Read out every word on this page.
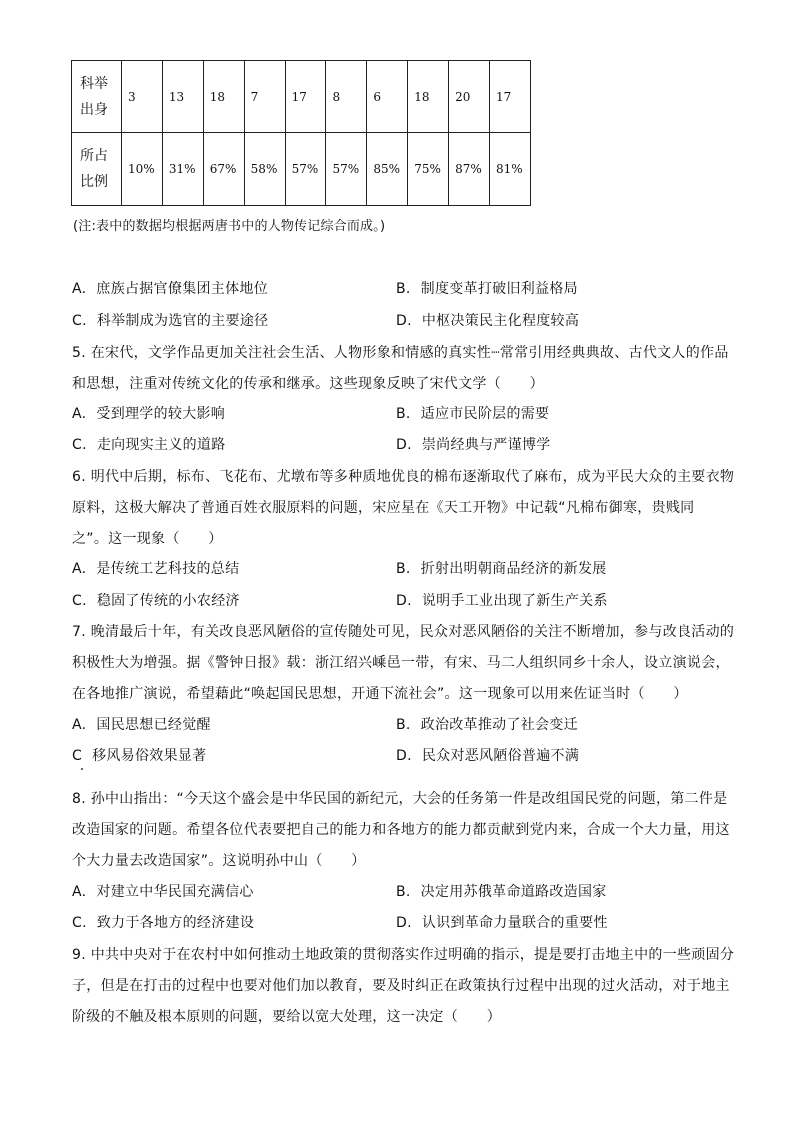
科举
出身	3	13	18	7	17	8	6	18	20	17
所占
比例	10%	31%	67%	58%	57%	57%	85%	75%	87%	81%
(注:表中的数据均根据两唐书中的人物传记综合而成。)
A. 庶族占据官僚集团主体地位	B. 制度变革打破旧利益格局
C. 科举制成为选官的主要途径	D. 中枢决策民主化程度较高
5. 在宋代，文学作品更加关注社会生活、人物形象和情感的真实性┈常常引用经典典故、古代文人的作品
和思想，注重对传统文化的传承和继承。这些现象反映了宋代文学（　　）
A. 受到理学的较大影响	B. 适应市民阶层的需要
C. 走向现实主义的道路	D. 崇尚经典与严谨博学
6. 明代中后期，标布、飞花布、尤墩布等多种质地优良的棉布逐渐取代了麻布，成为平民大众的主要衣物
原料，这极大解决了普通百姓衣服原料的问题，宋应星在《天工开物》中记载“凡棉布御寒，贵贱同
之”。这一现象（　　）
A. 是传统工艺科技的总结	B. 折射出明朝商品经济的新发展
C. 稳固了传统的小农经济	D. 说明手工业出现了新生产关系
7. 晚清最后十年，有关改良恶风陋俗的宣传随处可见，民众对恶风陋俗的关注不断增加，参与改良活动的
积极性大为增强。据《警钟日报》载：浙江绍兴嵊邑一带，有宋、马二人组织同乡十余人，设立演说会，
在各地推广演说，希望藉此“唤起国民思想，开通下流社会”。这一现象可以用来佐证当时（　　）
A. 国民思想已经觉醒	B. 政治改革推动了社会变迁
C 移风易俗效果显著	D. 民众对恶风陋俗普遍不满
8. 孙中山指出：“今天这个盛会是中华民国的新纪元，大会的任务第一件是改组国民党的问题，第二件是
改造国家的问题。希望各位代表要把自己的能力和各地方的能力都贡献到党内来，合成一个大力量，用这
个大力量去改造国家”。这说明孙中山（　　）
A. 对建立中华民国充满信心	B. 决定用苏俄革命道路改造国家
C. 致力于各地方的经济建设	D. 认识到革命力量联合的重要性
9. 中共中央对于在农村中如何推动土地政策的贯彻落实作过明确的指示，提是要打击地主中的一些顽固分
子，但是在打击的过程中也要对他们加以教育，要及时纠正在政策执行过程中出现的过火活动，对于地主
阶级的不触及根本原则的问题，要给以宽大处理，这一决定（　　）
